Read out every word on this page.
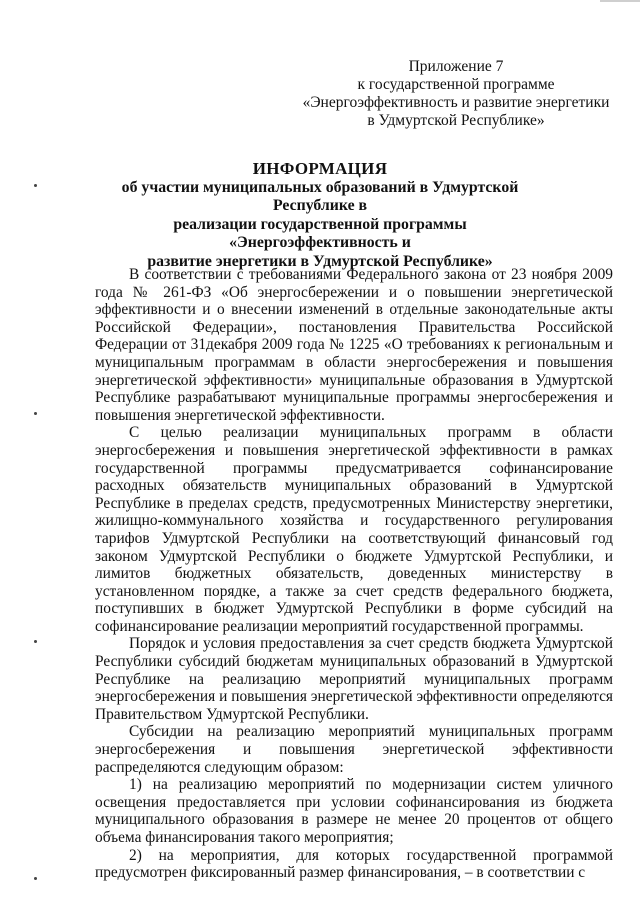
Приложение 7
к государственной программе
«Энергоэффективность и развитие энергетики
в Удмуртской Республике»
ИНФОРМАЦИЯ
об участии муниципальных образований в Удмуртской Республике в
реализации государственной программы «Энергоэффективность и
развитие энергетики в Удмуртской Республике»

В соответствии с требованиями Федерального закона от 23 ноября 2009 года № 261-ФЗ «Об энергосбережении и о повышении энергетической эффективности и о внесении изменений в отдельные законодательные акты Российской Федерации», постановления Правительства Российской Федерации от 31декабря 2009 года № 1225 «О требованиях к региональным и муниципальным программам в области энергосбережения и повышения энергетической эффективности» муниципальные образования в Удмуртской Республике разрабатывают муниципальные программы энергосбережения и повышения энергетической эффективности.

С целью реализации муниципальных программ в области энергосбережения и повышения энергетической эффективности в рамках государственной программы предусматривается софинансирование расходных обязательств муниципальных образований в Удмуртской Республике в пределах средств, предусмотренных Министерству энергетики, жилищно-коммунального хозяйства и государственного регулирования тарифов Удмуртской Республики на соответствующий финансовый год законом Удмуртской Республики о бюджете Удмуртской Республики, и лимитов бюджетных обязательств, доведенных министерству в установленном порядке, а также за счет средств федерального бюджета, поступивших в бюджет Удмуртской Республики в форме субсидий на софинансирование реализации мероприятий государственной программы.

Порядок и условия предоставления за счет средств бюджета Удмуртской Республики субсидий бюджетам муниципальных образований в Удмуртской Республике на реализацию мероприятий муниципальных программ энергосбережения и повышения энергетической эффективности определяются Правительством Удмуртской Республики.

Субсидии на реализацию мероприятий муниципальных программ энергосбережения и повышения энергетической эффективности распределяются следующим образом:

1) на реализацию мероприятий по модернизации систем уличного освещения предоставляется при условии софинансирования из бюджета муниципального образования в размере не менее 20 процентов от общего объема финансирования такого мероприятия;

2) на мероприятия, для которых государственной программой предусмотрен фиксированный размер финансирования, – в соответствии с
